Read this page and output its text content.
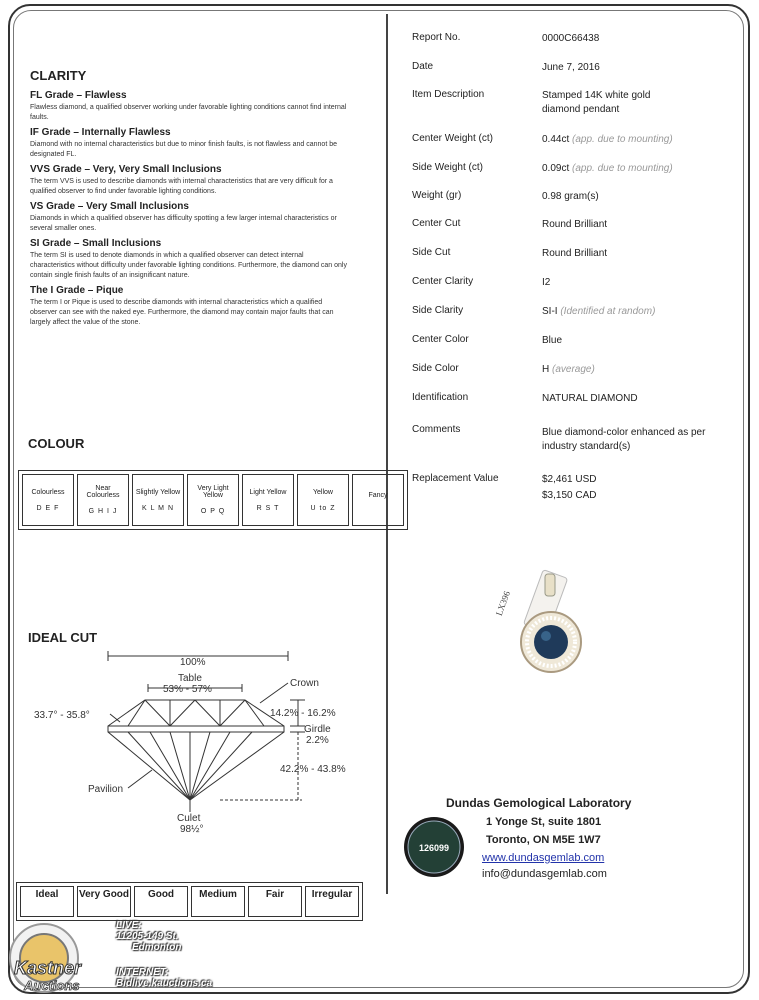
CLARITY
FL Grade – Flawless
Flawless diamond, a qualified observer working under favorable lighting conditions cannot find internal faults.
IF Grade – Internally Flawless
Diamond with no internal characteristics but due to minor finish faults, is not flawless and cannot be designated FL.
VVS Grade – Very, Very Small Inclusions
The term VVS is used to describe diamonds with internal characteristics that are very difficult for a qualified observer to find under favorable lighting conditions.
VS Grade – Very Small Inclusions
Diamonds in which a qualified observer has difficulty spotting a few larger internal characteristics or several smaller ones.
SI Grade – Small Inclusions
The term SI is used to denote diamonds in which a qualified observer can detect internal characteristics without difficulty under favorable lighting conditions. Furthermore, the diamond can only contain single finish faults of an insignificant nature.
The I Grade – Pique
The term I or Pique is used to describe diamonds with internal characteristics which a qualified observer can see with the naked eye. Furthermore, the diamond may contain major faults that can largely affect the value of the stone.
COLOUR
Colourless
D E F

Near Colourless
G H I J

Slightly Yellow
K L M N

Very Light Yellow
O P Q

Light Yellow
R S T

Yellow
U to Z

Fancy
IDEAL CUT
100%
Table
53% - 57%
Crown
33.7° - 35.8°	14.2% - 16.2%
Girdle
2.2%
42.2% - 43.8%
Pavilion
Culet
98½°
Ideal	Very Good	Good	Medium	Fair	Irregular
Report No.	0000C66438
Date	June 7, 2016
Item Description	Stamped 14K white gold diamond pendant
Center Weight (ct)	0.44ct (app. due to mounting)
Side Weight (ct)	0.09ct (app. due to mounting)
Weight (gr)	0.98 gram(s)
Center Cut	Round Brilliant
Side Cut	Round Brilliant
Center Clarity	I2
Side Clarity	SI-I (Identified at random)
Center Color	Blue
Side Color	H (average)
Identification	NATURAL DIAMOND
Comments	Blue diamond-color enhanced as per industry standard(s)
Replacement Value	$2,461 USD
$3,150 CAD
LX396
126099
Dundas Gemological Laboratory
1 Yonge St, suite 1801
Toronto, ON M5E 1W7
www.dundasgemlab.com
info@dundasgemlab.com
Kastner
Auctions
LIVE:
11205-149 St.
Edmonton
INTERNET:
Bidlive.kauctions.ca
